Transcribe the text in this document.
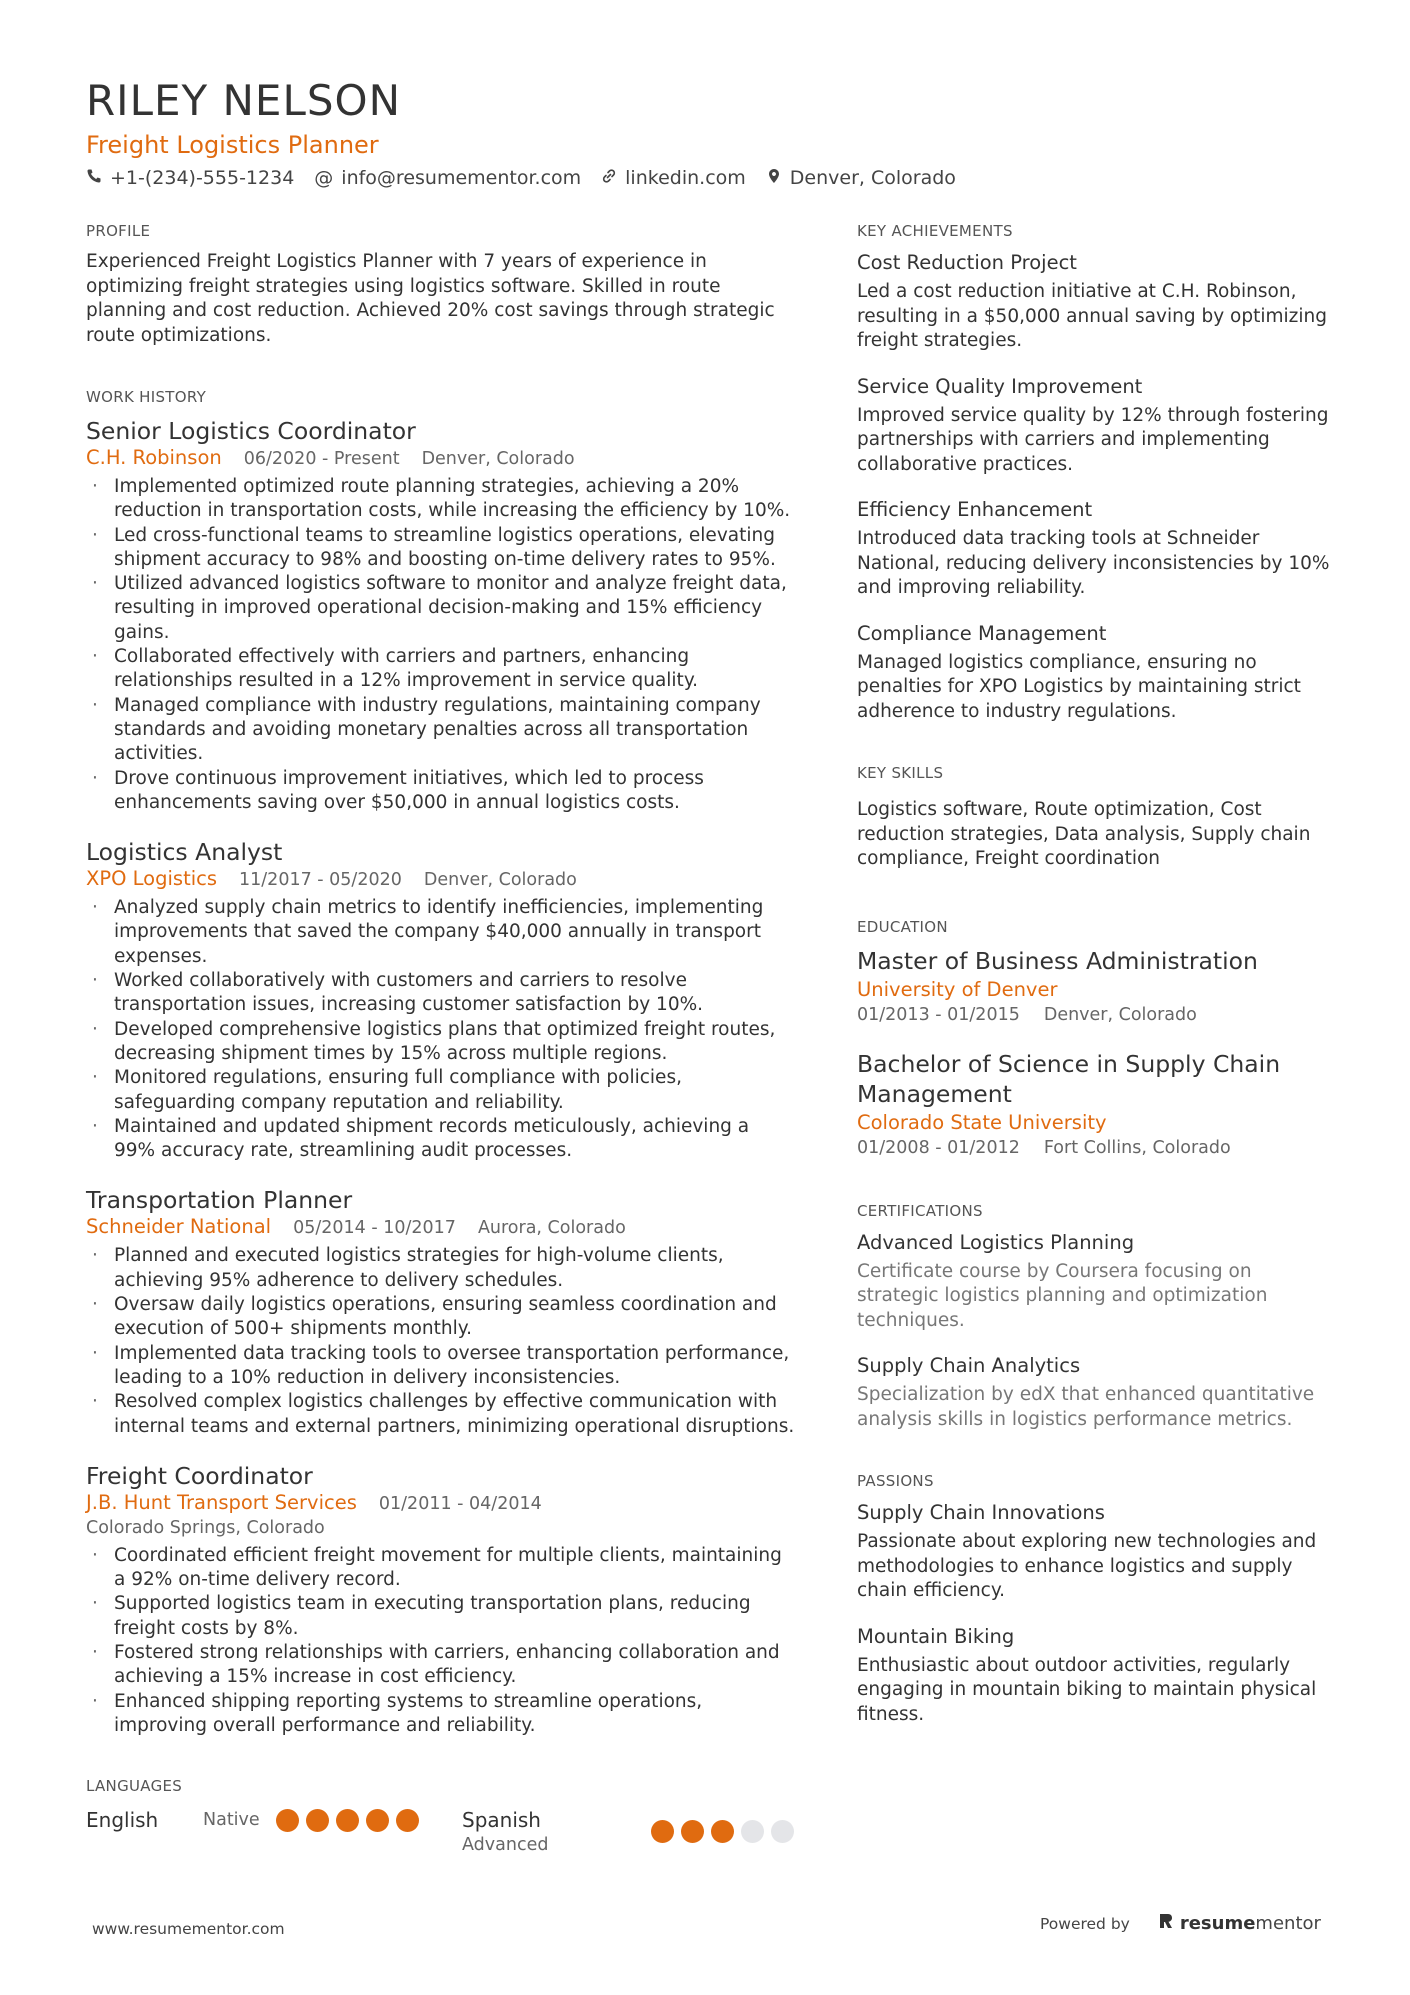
RILEY NELSON
Freight Logistics Planner
+1-(234)-555-1234 @ info@resumementor.com linkedin.com Denver, Colorado
PROFILE
Experienced Freight Logistics Planner with 7 years of experience in optimizing freight strategies using logistics software. Skilled in route planning and cost reduction. Achieved 20% cost savings through strategic route optimizations.
WORK HISTORY
Senior Logistics Coordinator
C.H. Robinson 06/2020 - Present Denver, Colorado
· Implemented optimized route planning strategies, achieving a 20% reduction in transportation costs, while increasing the efficiency by 10%.
· Led cross-functional teams to streamline logistics operations, elevating shipment accuracy to 98% and boosting on-time delivery rates to 95%.
· Utilized advanced logistics software to monitor and analyze freight data, resulting in improved operational decision-making and 15% efficiency gains.
· Collaborated effectively with carriers and partners, enhancing relationships resulted in a 12% improvement in service quality.
· Managed compliance with industry regulations, maintaining company standards and avoiding monetary penalties across all transportation activities.
· Drove continuous improvement initiatives, which led to process enhancements saving over $50,000 in annual logistics costs.
Logistics Analyst
XPO Logistics 11/2017 - 05/2020 Denver, Colorado
· Analyzed supply chain metrics to identify inefficiencies, implementing improvements that saved the company $40,000 annually in transport expenses.
· Worked collaboratively with customers and carriers to resolve transportation issues, increasing customer satisfaction by 10%.
· Developed comprehensive logistics plans that optimized freight routes, decreasing shipment times by 15% across multiple regions.
· Monitored regulations, ensuring full compliance with policies, safeguarding company reputation and reliability.
· Maintained and updated shipment records meticulously, achieving a 99% accuracy rate, streamlining audit processes.
Transportation Planner
Schneider National 05/2014 - 10/2017 Aurora, Colorado
· Planned and executed logistics strategies for high-volume clients, achieving 95% adherence to delivery schedules.
· Oversaw daily logistics operations, ensuring seamless coordination and execution of 500+ shipments monthly.
· Implemented data tracking tools to oversee transportation performance, leading to a 10% reduction in delivery inconsistencies.
· Resolved complex logistics challenges by effective communication with internal teams and external partners, minimizing operational disruptions.
Freight Coordinator
J.B. Hunt Transport Services 01/2011 - 04/2014
Colorado Springs, Colorado
· Coordinated efficient freight movement for multiple clients, maintaining a 92% on-time delivery record.
· Supported logistics team in executing transportation plans, reducing freight costs by 8%.
· Fostered strong relationships with carriers, enhancing collaboration and achieving a 15% increase in cost efficiency.
· Enhanced shipping reporting systems to streamline operations, improving overall performance and reliability.
KEY ACHIEVEMENTS
Cost Reduction Project
Led a cost reduction initiative at C.H. Robinson, resulting in a $50,000 annual saving by optimizing freight strategies.
Service Quality Improvement
Improved service quality by 12% through fostering partnerships with carriers and implementing collaborative practices.
Efficiency Enhancement
Introduced data tracking tools at Schneider National, reducing delivery inconsistencies by 10% and improving reliability.
Compliance Management
Managed logistics compliance, ensuring no penalties for XPO Logistics by maintaining strict adherence to industry regulations.
KEY SKILLS
Logistics software, Route optimization, Cost reduction strategies, Data analysis, Supply chain compliance, Freight coordination
EDUCATION
Master of Business Administration
University of Denver
01/2013 - 01/2015 Denver, Colorado
Bachelor of Science in Supply Chain Management
Colorado State University
01/2008 - 01/2012 Fort Collins, Colorado
CERTIFICATIONS
Advanced Logistics Planning
Certificate course by Coursera focusing on strategic logistics planning and optimization techniques.
Supply Chain Analytics
Specialization by edX that enhanced quantitative analysis skills in logistics performance metrics.
PASSIONS
Supply Chain Innovations
Passionate about exploring new technologies and methodologies to enhance logistics and supply chain efficiency.
Mountain Biking
Enthusiastic about outdoor activities, regularly engaging in mountain biking to maintain physical fitness.
LANGUAGES
English	Native	Spanish
Advanced
www.resumementor.com	Powered by	resumementor
